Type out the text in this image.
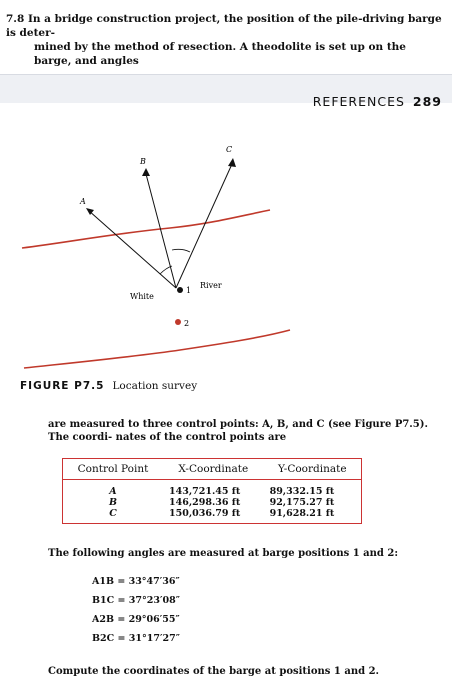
7.8 In a bridge construction project, the position of the pile-driving barge is deter-
mined by the method of resection. A theodolite is set up on the barge, and angles
REFERENCES 289
A
B
C
1
2
White
River
FIGURE P7.5 Location survey
are measured to three control points: A, B, and C (see Figure P7.5). The coordi- nates of the control points are
Control Point	X-Coordinate	Y-Coordinate
A	143,721.45 ft	89,332.15 ft
B	146,298.36 ft	92,175.27 ft
C	150,036.79 ft	91,628.21 ft
The following angles are measured at barge positions 1 and 2:
A1B = 33°47′36″
B1C = 37°23′08″
A2B = 29°06′55″
B2C = 31°17′27″
Compute the coordinates of the barge at positions 1 and 2.
